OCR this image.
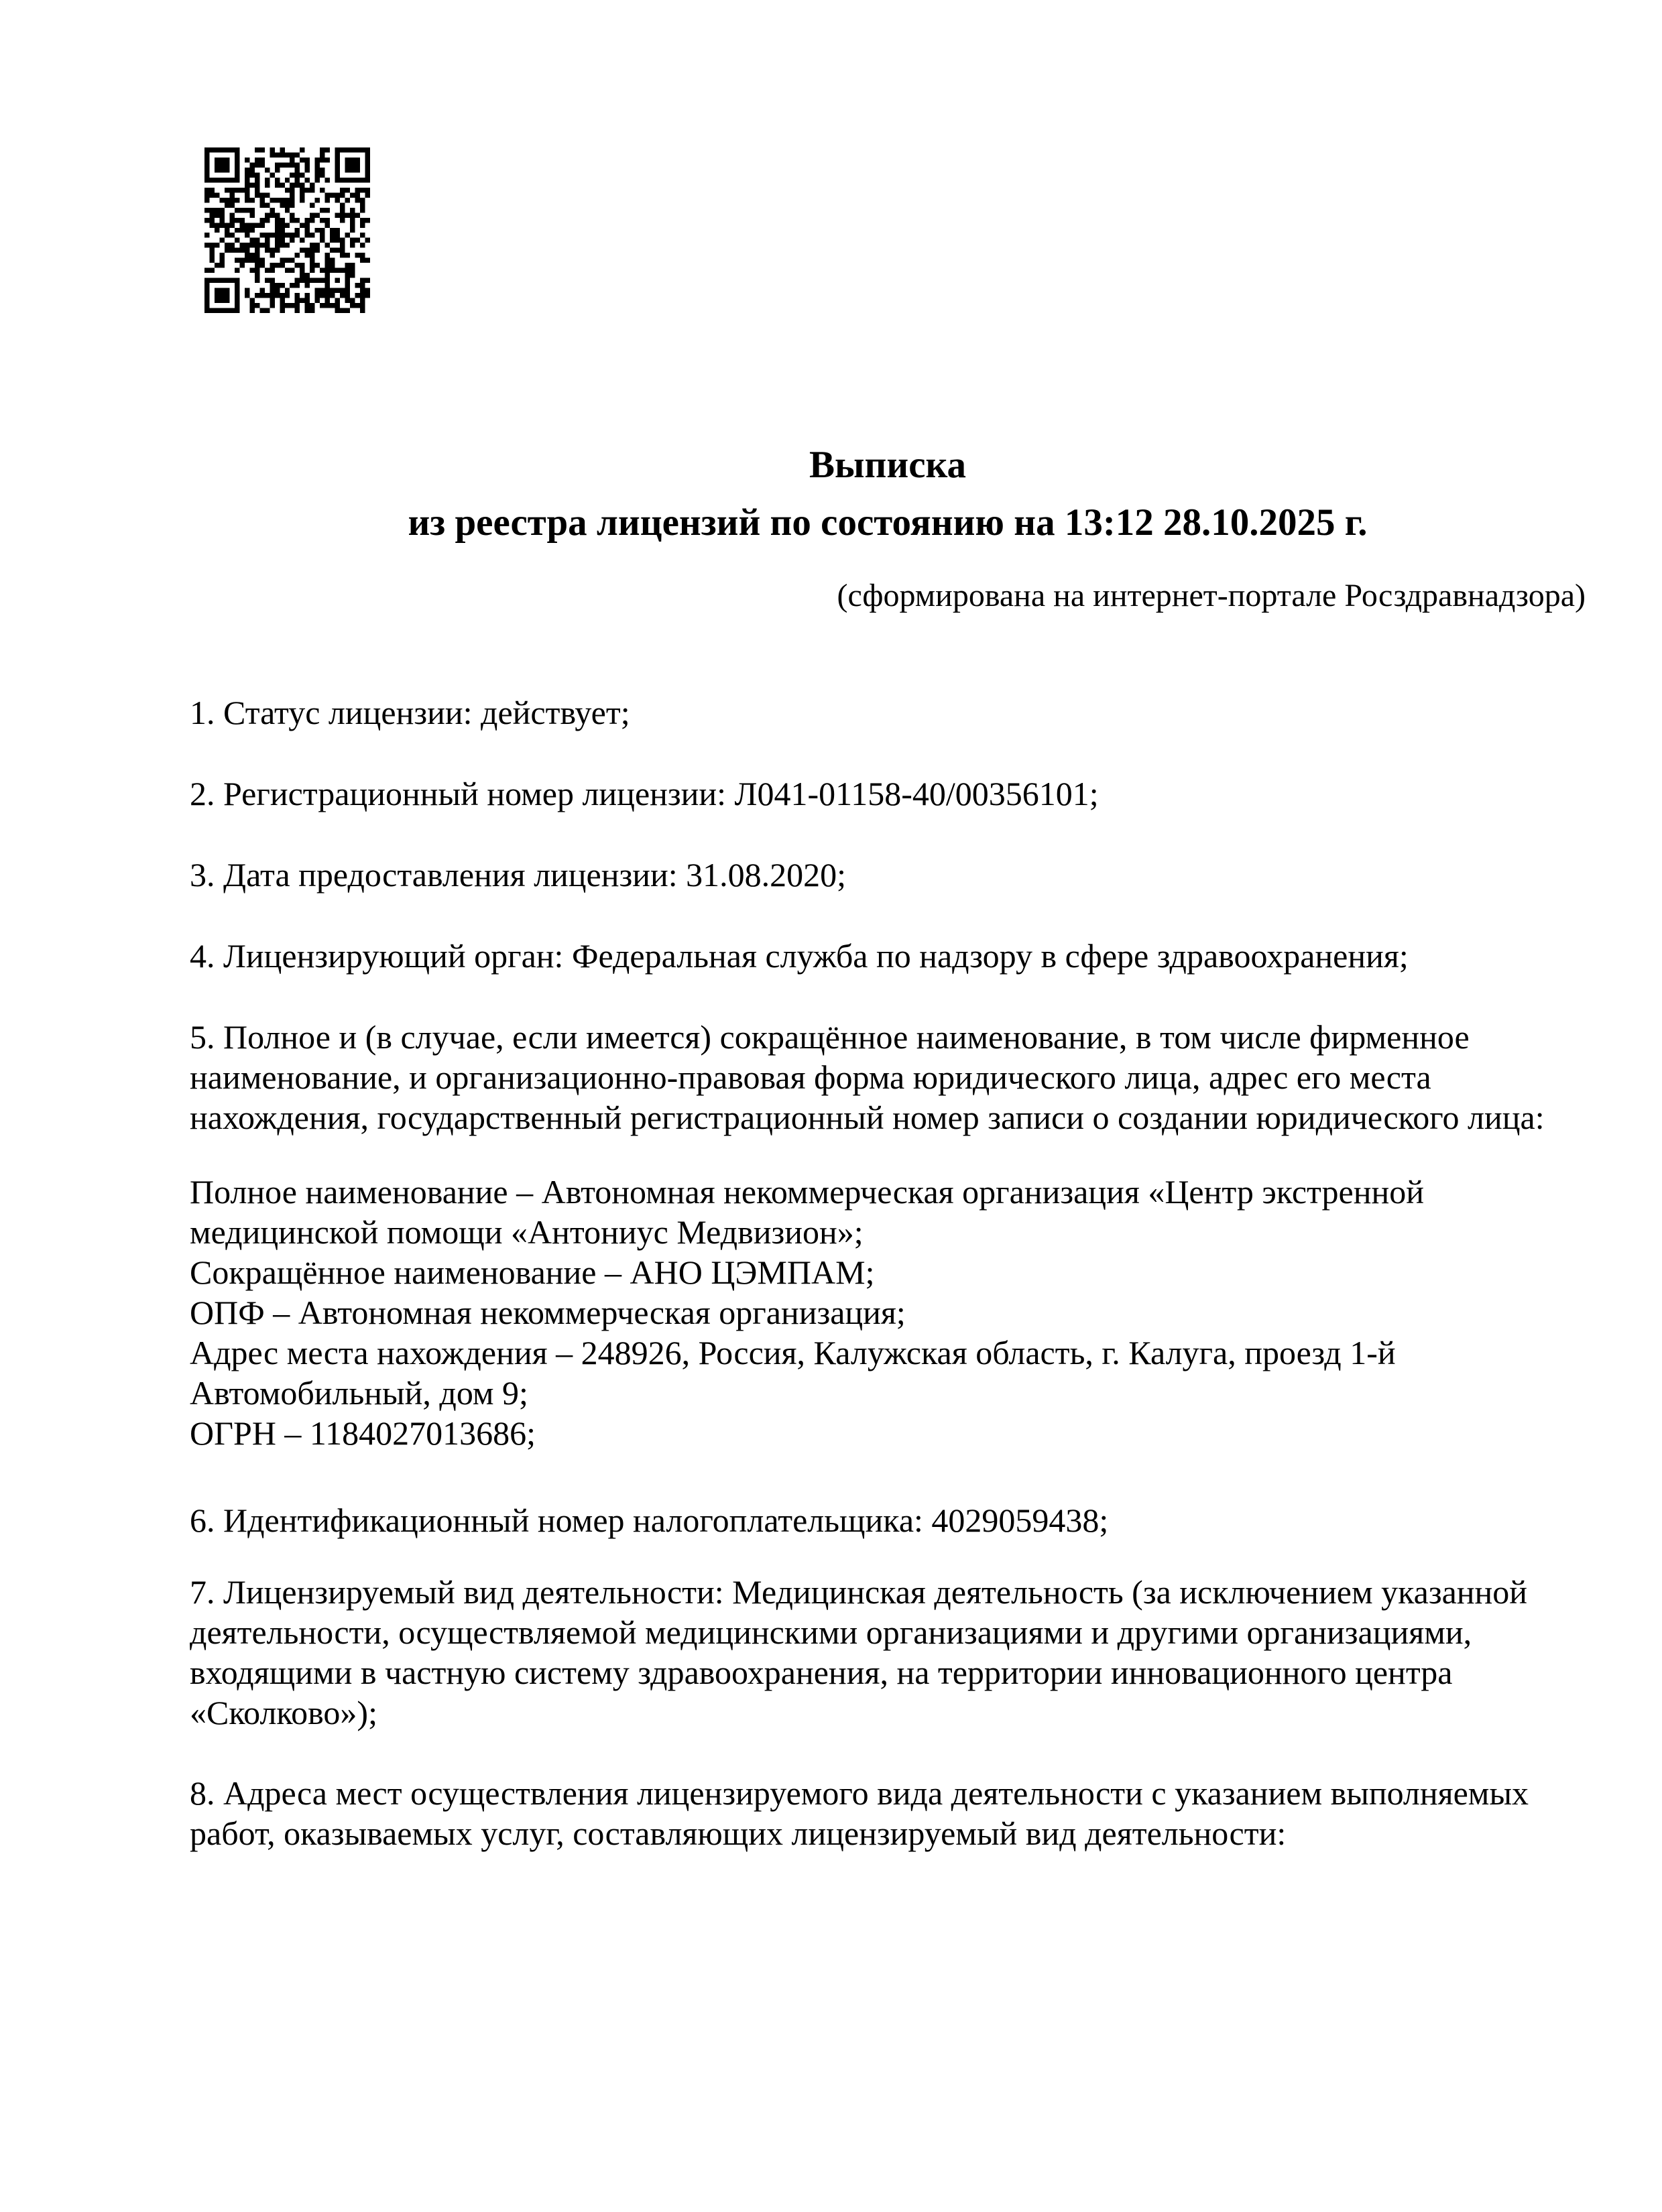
Выписка
из реестра лицензий по состоянию на 13:12 28.10.2025 г.
(сформирована на интернет-портале Росздравнадзора)
1. Статус лицензии: действует;
2. Регистрационный номер лицензии: Л041-01158-40/00356101;
3. Дата предоставления лицензии: 31.08.2020;
4. Лицензирующий орган: Федеральная служба по надзору в сфере здравоохранения;
5. Полное и (в случае, если имеется) сокращённое наименование, в том числе фирменное наименование, и организационно-правовая форма юридического лица, адрес его места нахождения, государственный регистрационный номер записи о создании юридического лица:
Полное наименование – Автономная некоммерческая организация «Центр экстренной медицинской помощи «Антониус Медвизион»;
Сокращённое наименование – АНО ЦЭМПАМ;
ОПФ – Автономная некоммерческая организация;
Адрес места нахождения – 248926, Россия, Калужская область, г. Калуга, проезд 1-й Автомобильный, дом 9;
ОГРН – 1184027013686;
6. Идентификационный номер налогоплательщика: 4029059438;
7. Лицензируемый вид деятельности: Медицинская деятельность (за исключением указанной деятельности, осуществляемой медицинскими организациями и другими организациями, входящими в частную систему здравоохранения, на территории инновационного центра «Сколково»);
8. Адреса мест осуществления лицензируемого вида деятельности с указанием выполняемых работ, оказываемых услуг, составляющих лицензируемый вид деятельности:
